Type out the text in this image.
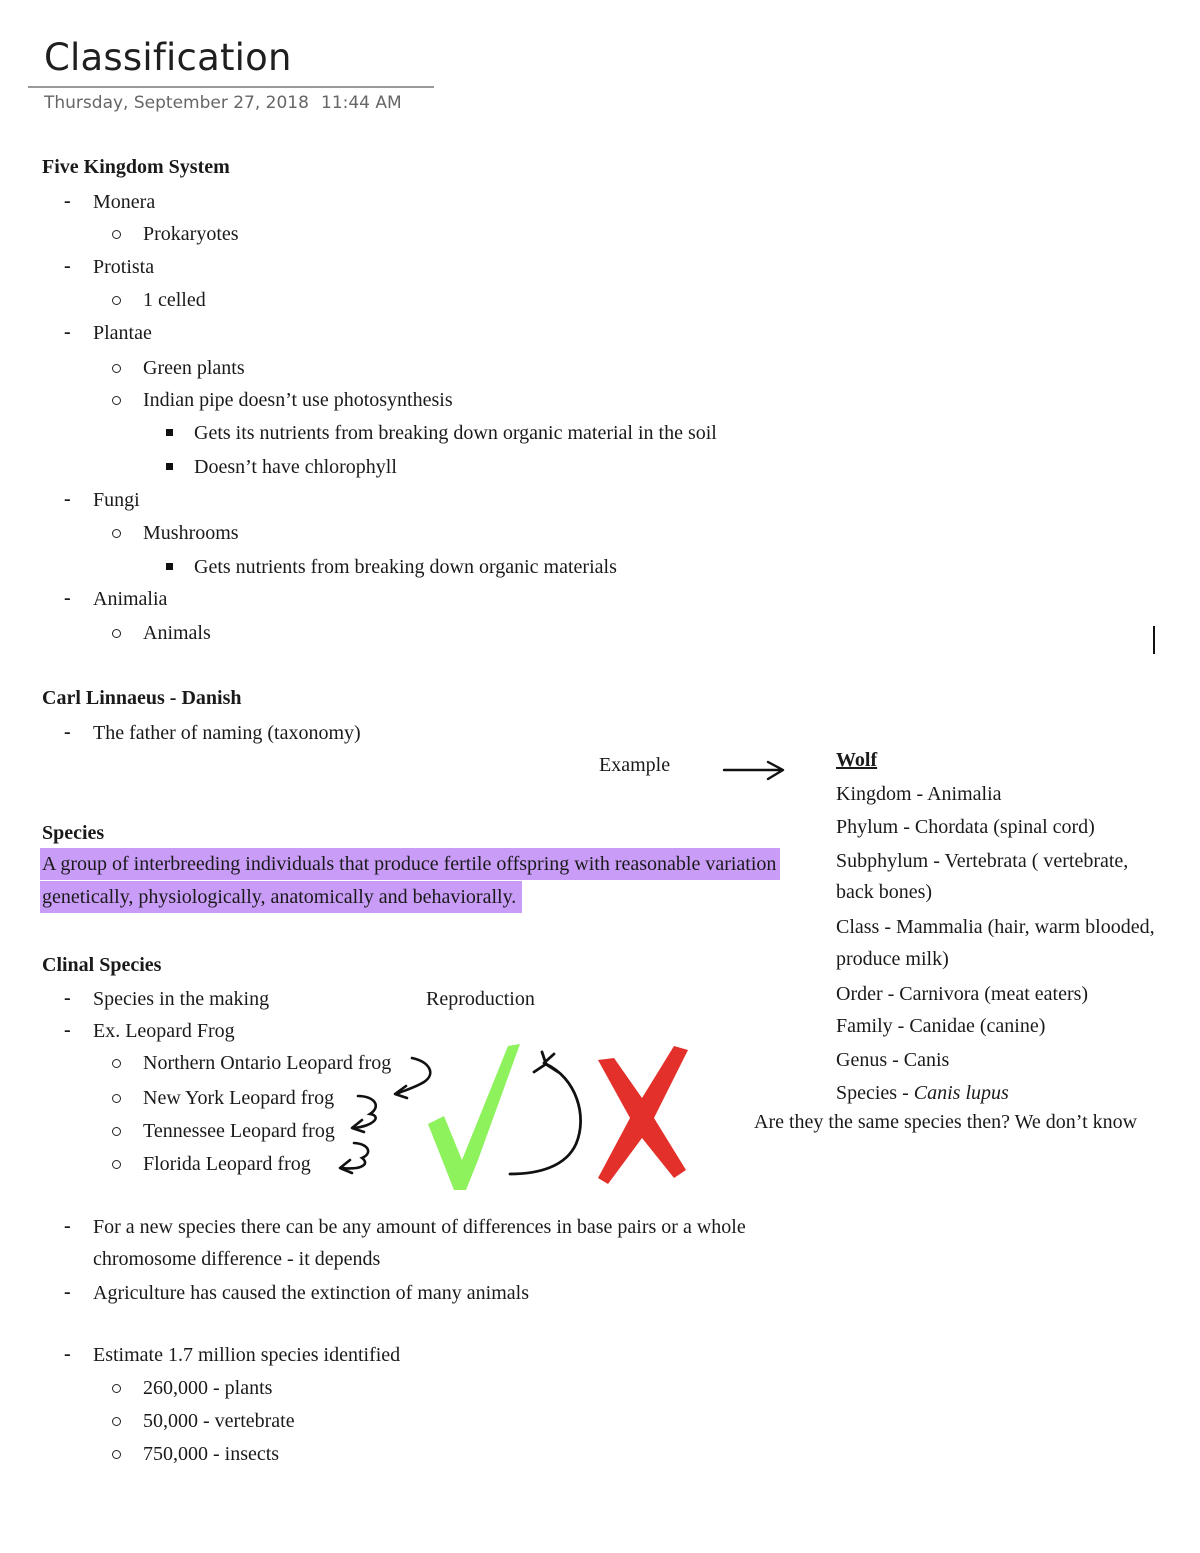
Classification
Thursday, September 27, 2018 11:44 AM
Five Kingdom System
- Monera
Prokaryotes
- Protista
1 celled
- Plantae
Green plants
Indian pipe doesn’t use photosynthesis
Gets its nutrients from breaking down organic material in the soil
Doesn’t have chlorophyll
- Fungi
Mushrooms
Gets nutrients from breaking down organic materials
- Animalia
Animals
Carl Linnaeus - Danish
- The father of naming (taxonomy)
Example	Wolf
Kingdom - Animalia
Phylum - Chordata (spinal cord)
Subphylum - Vertebrata ( vertebrate,
back bones)
Class - Mammalia (hair, warm blooded,
produce milk)
Order - Carnivora (meat eaters)
Family - Canidae (canine)
Genus - Canis
Species - Canis lupus
Are they the same species then? We don’t know
Species
A group of interbreeding individuals that produce fertile offspring with reasonable variation
genetically, physiologically, anatomically and behaviorally.
Clinal Species
- Species in the making	Reproduction
- Ex. Leopard Frog
Northern Ontario Leopard frog
New York Leopard frog
Tennessee Leopard frog
Florida Leopard frog
- For a new species there can be any amount of differences in base pairs or a whole
chromosome difference - it depends
- Agriculture has caused the extinction of many animals
- Estimate 1.7 million species identified
260,000 - plants
50,000 - vertebrate
750,000 - insects
